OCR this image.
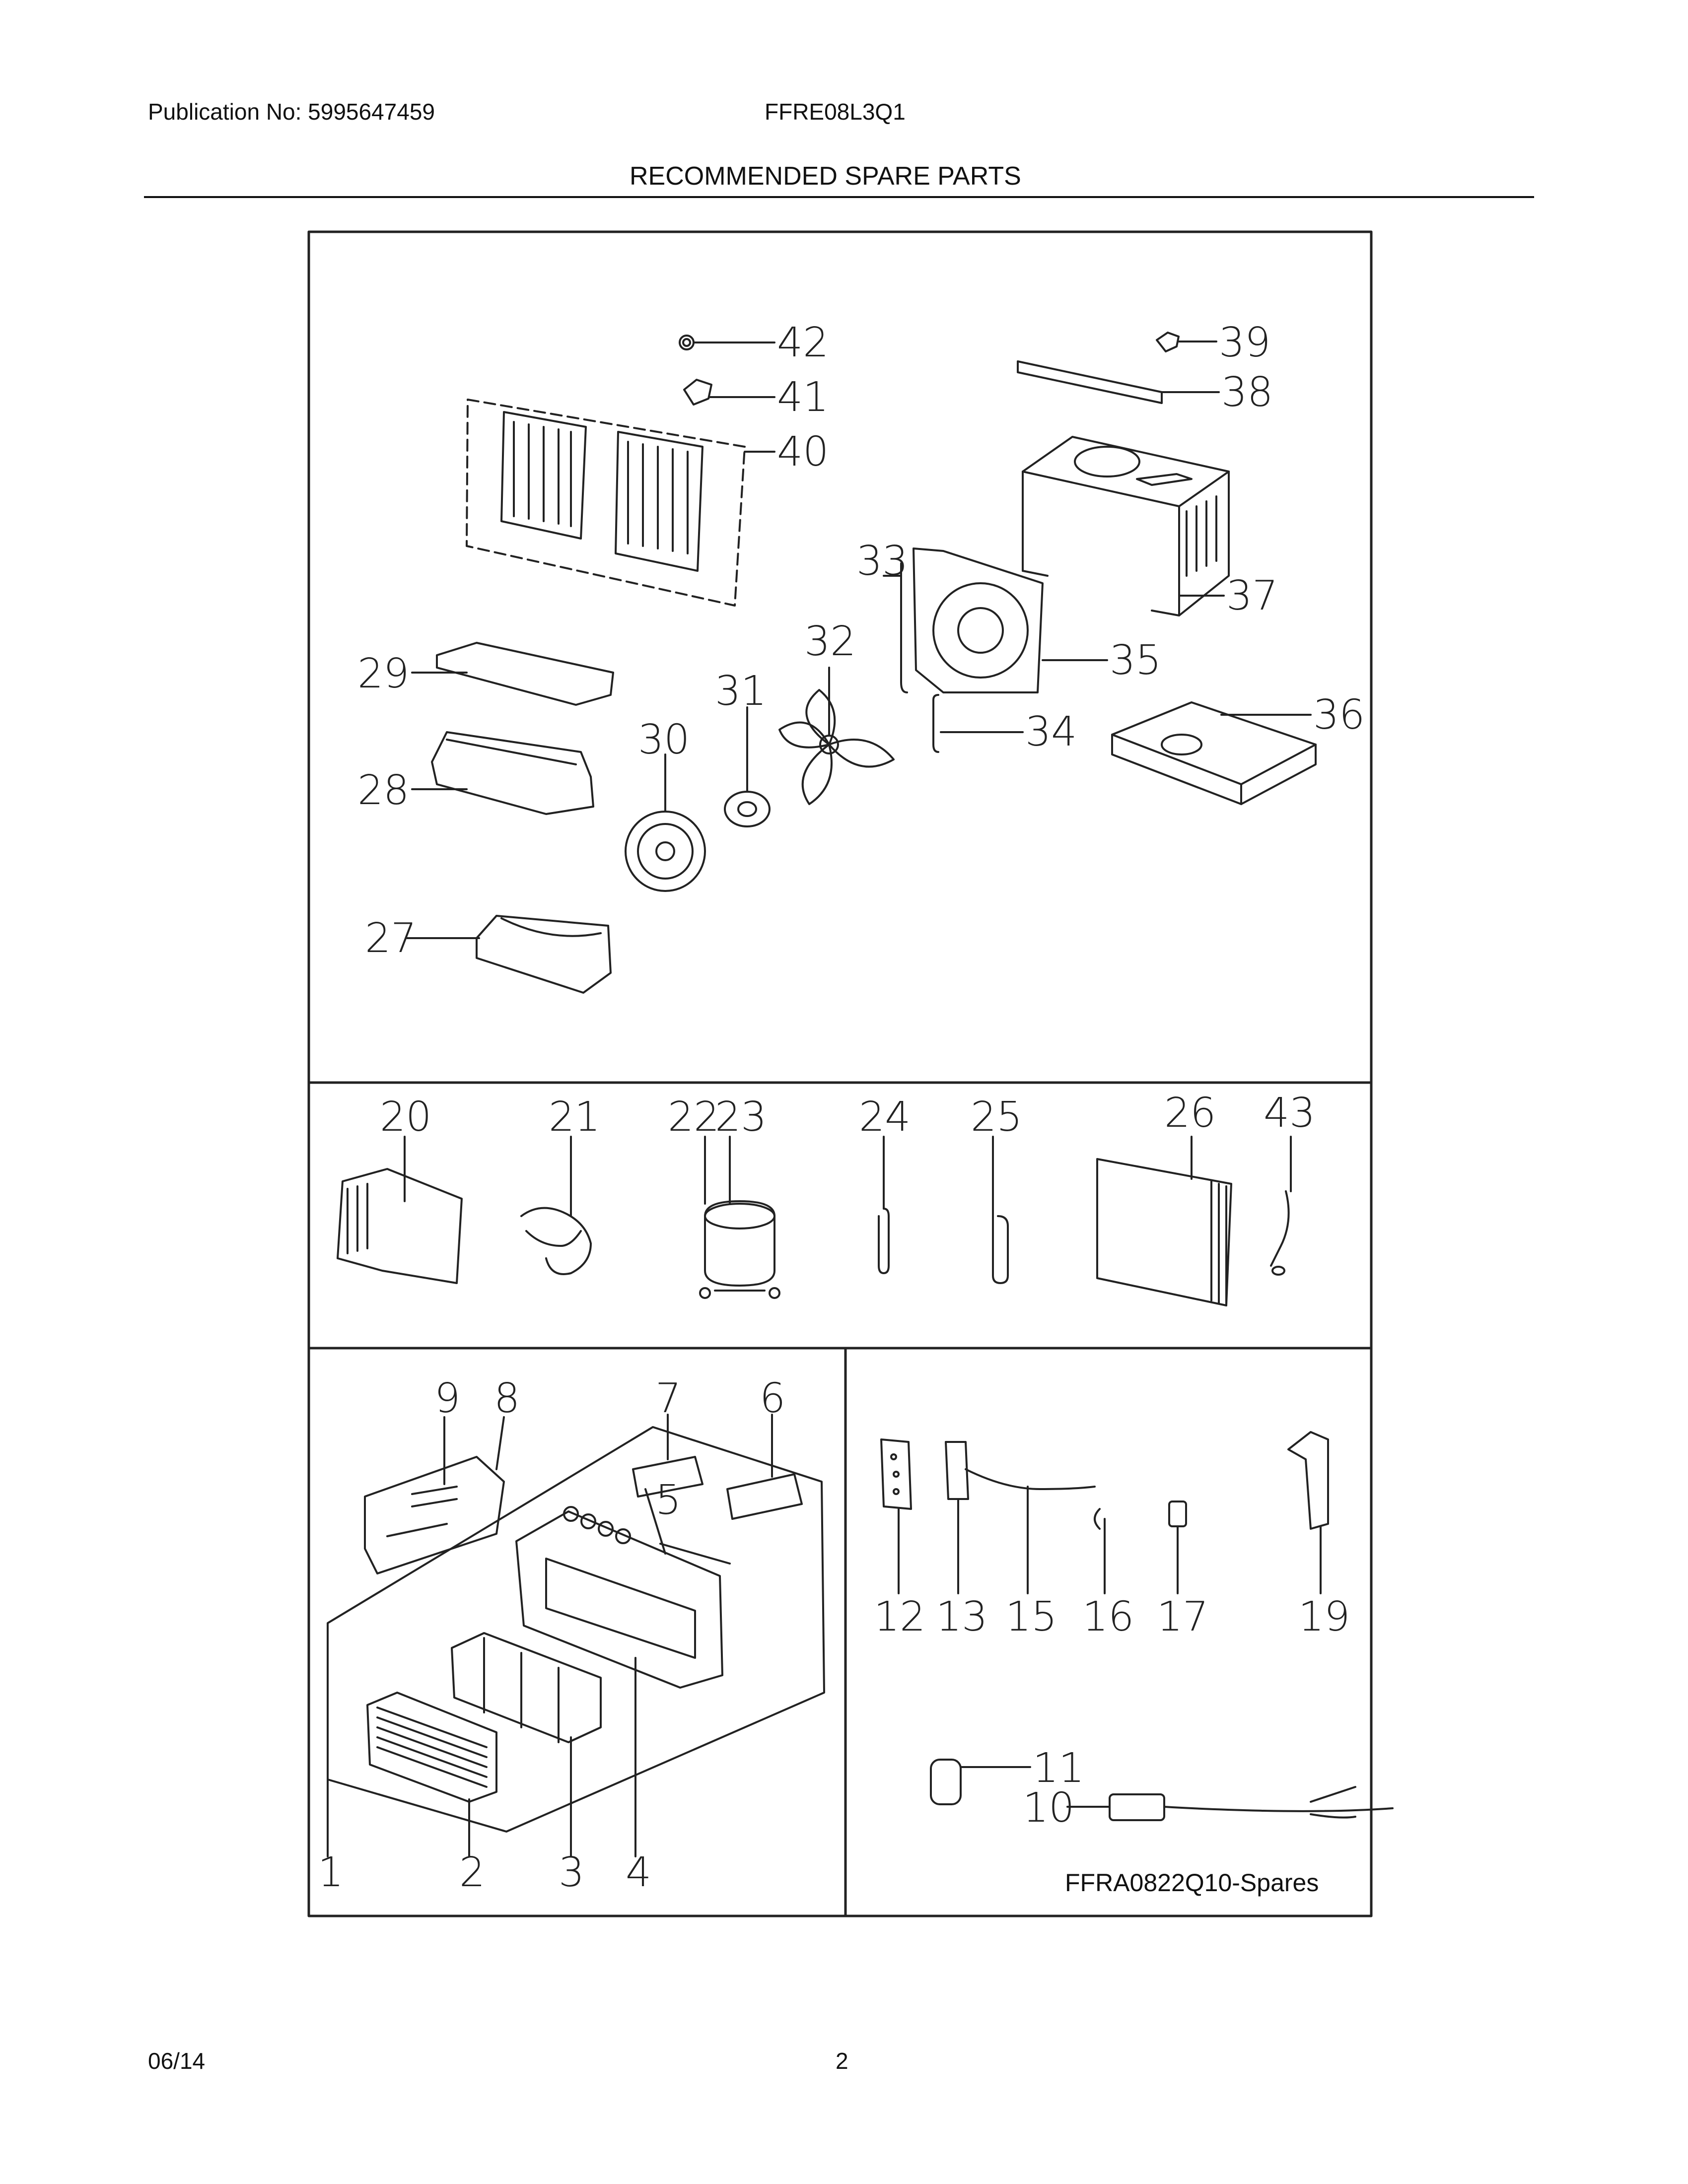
Publication No: 5995647459	FFRE08L3Q1
RECOMMENDED SPARE PARTS
42
41
40
39
38
37
33
32	35
29	31
36
34
30
28
27
20	21 22
23 24 25	26 43
9 8	7 6
5
1	2 3 4
12 13 15 16 17 19
11
10
FFRA0822Q10-Spares
06/14	2
